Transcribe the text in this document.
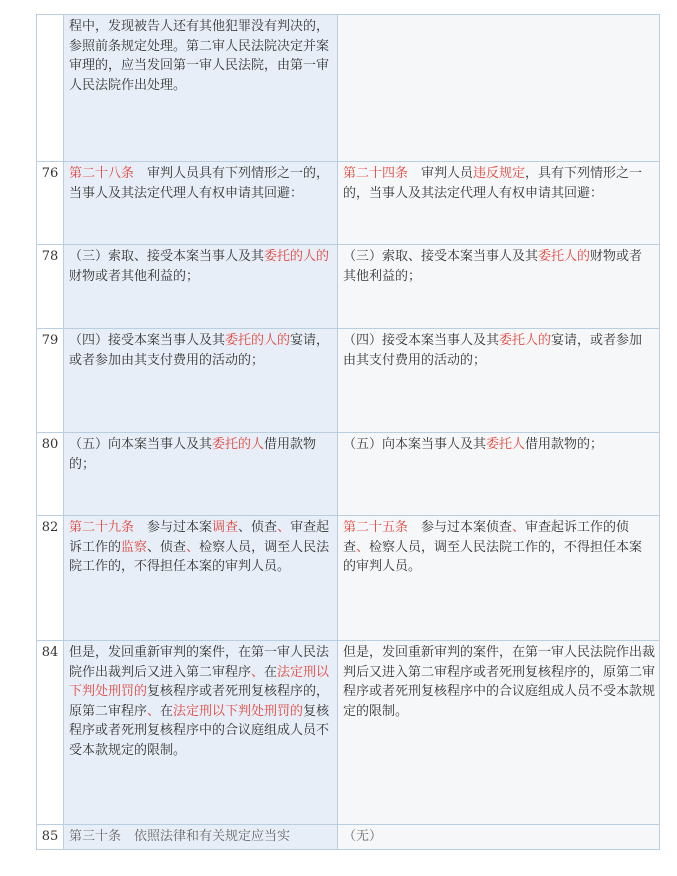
	程中，发现被告人还有其他犯罪没有判决的，参照前条规定处理。第二审人民法院决定并案审理的，应当发回第一审人民法院，由第一审人民法院作出处理。	
76	第二十八条　审判人员具有下列情形之一的，当事人及其法定代理人有权申请其回避：	第二十四条　审判人员违反规定，具有下列情形之一的，当事人及其法定代理人有权申请其回避：
78	（三）索取、接受本案当事人及其委托的人的财物或者其他利益的；	（三）索取、接受本案当事人及其委托人的财物或者其他利益的；
79	（四）接受本案当事人及其委托的人的宴请，或者参加由其支付费用的活动的；	（四）接受本案当事人及其委托人的宴请，或者参加由其支付费用的活动的；
80	（五）向本案当事人及其委托的人借用款物的；	（五）向本案当事人及其委托人借用款物的；
82	第二十九条　参与过本案调查、侦查、审查起诉工作的监察、侦查、检察人员，调至人民法院工作的，不得担任本案的审判人员。	第二十五条　参与过本案侦查、审查起诉工作的侦查、检察人员，调至人民法院工作的，不得担任本案的审判人员。
84	但是，发回重新审判的案件，在第一审人民法院作出裁判后又进入第二审程序、在法定刑以下判处刑罚的复核程序或者死刑复核程序的，原第二审程序、在法定刑以下判处刑罚的复核程序或者死刑复核程序中的合议庭组成人员不受本款规定的限制。	但是，发回重新审判的案件，在第一审人民法院作出裁判后又进入第二审程序或者死刑复核程序的，原第二审程序或者死刑复核程序中的合议庭组成人员不受本款规定的限制。
85	第三十条　依照法律和有关规定应当实	（无）
